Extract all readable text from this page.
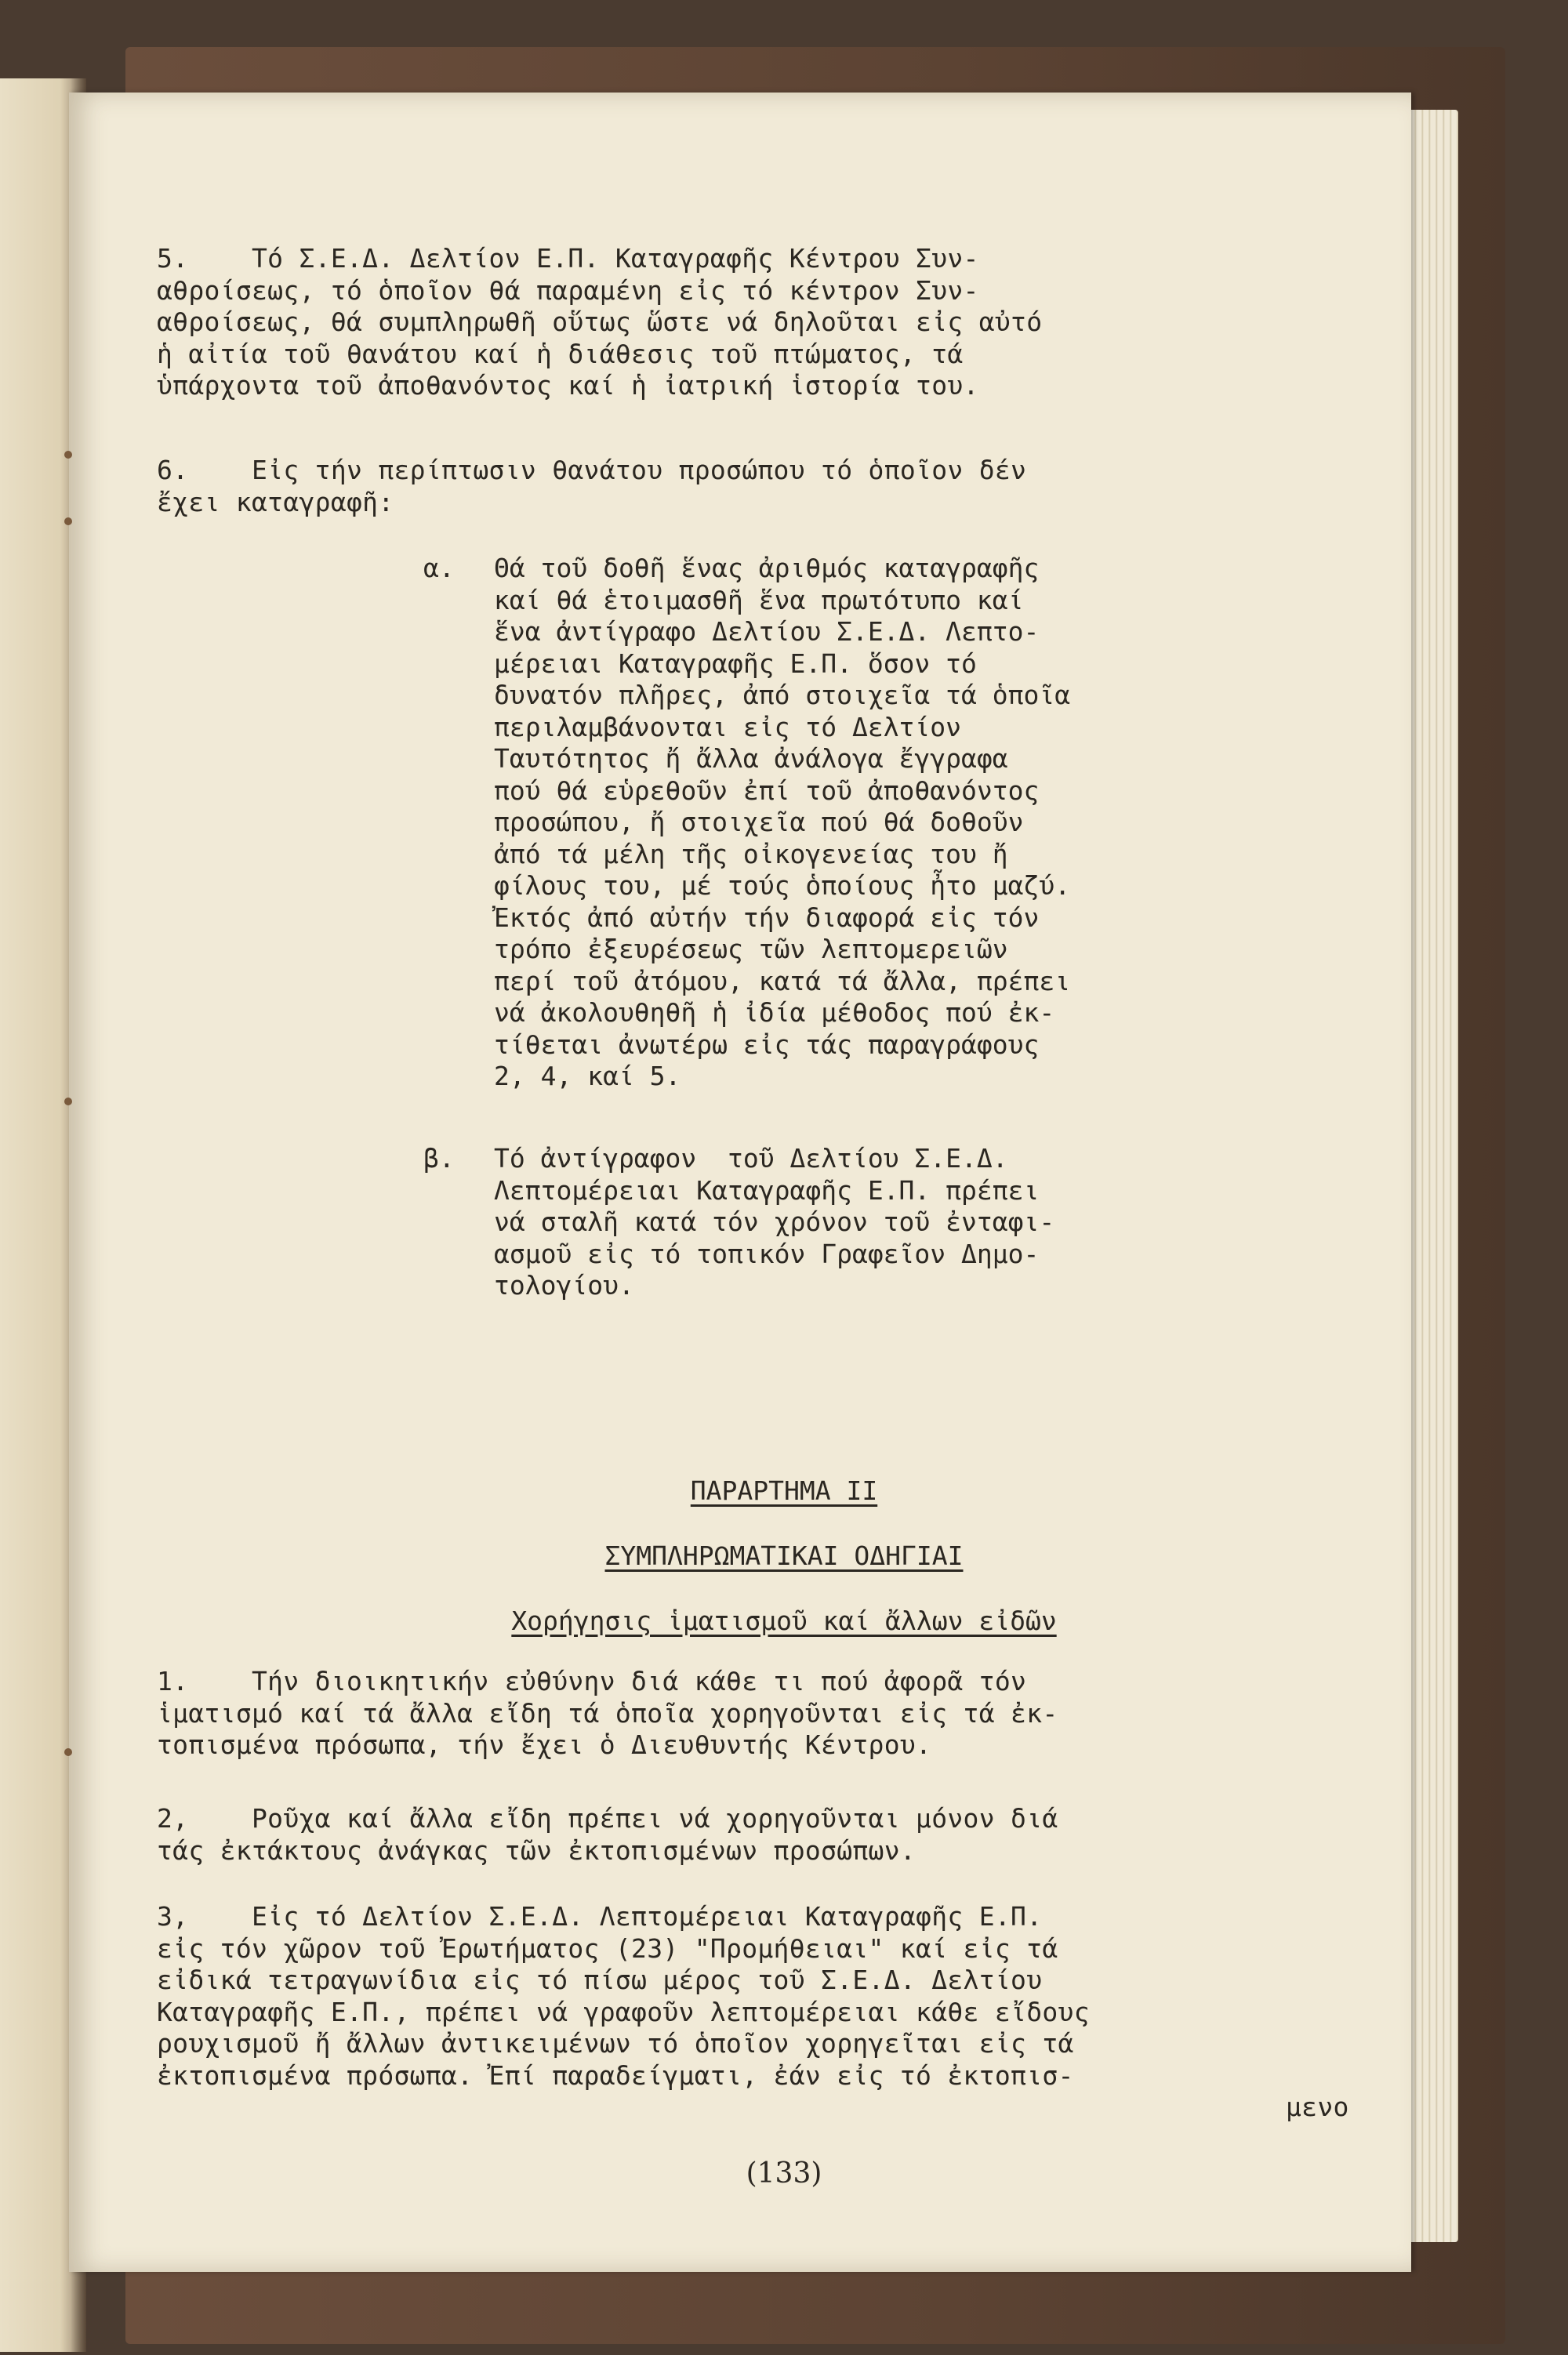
5.    Τό Σ.Ε.Δ. Δελτίον Ε.Π. Καταγραφῆς Κέντρου Συν-
αθροίσεως, τό ὁποῖον θά παραμένη εἰς τό κέντρον Συν-
αθροίσεως, θά συμπληρωθῆ οὕτως ὥστε νά δηλοῦται εἰς αὐτό
ἡ αἰτία τοῦ θανάτου καί ἡ διάθεσις τοῦ πτώματος, τά
ὑπάρχοντα τοῦ ἀποθανόντος καί ἡ ἰατρική ἱστορία του.
6.    Εἰς τήν περίπτωσιν θανάτου προσώπου τό ὁποῖον δέν
ἔχει καταγραφῆ:
α. Θά τοῦ δοθῆ ἕνας ἀριθμός καταγραφῆς
καί θά ἑτοιμασθῆ ἕνα πρωτότυπο καί
ἕνα ἀντίγραφο Δελτίου Σ.Ε.Δ. Λεπτο-
μέρειαι Καταγραφῆς Ε.Π. ὅσον τό
δυνατόν πλῆρες, ἀπό στοιχεῖα τά ὁποῖα
περιλαμβάνονται εἰς τό Δελτίον
Ταυτότητος ἤ ἄλλα ἀνάλογα ἔγγραφα
πού θά εὑρεθοῦν ἐπί τοῦ ἀποθανόντος
προσώπου, ἤ στοιχεῖα πού θά δοθοῦν
ἀπό τά μέλη τῆς οἰκογενείας του ἤ
φίλους του, μέ τούς ὁποίους ἦτο μαζύ.
Ἐκτός ἀπό αὐτήν τήν διαφορά εἰς τόν
τρόπο ἐξευρέσεως τῶν λεπτομερειῶν
περί τοῦ ἀτόμου, κατά τά ἄλλα, πρέπει
νά ἀκολουθηθῆ ἡ ἰδία μέθοδος πού ἐκ-
τίθεται ἀνωτέρω εἰς τάς παραγράφους
2, 4, καί 5.
β. Τό ἀντίγραφον  τοῦ Δελτίου Σ.Ε.Δ.
Λεπτομέρειαι Καταγραφῆς Ε.Π. πρέπει
νά σταλῆ κατά τόν χρόνον τοῦ ἐνταφι-
ασμοῦ εἰς τό τοπικόν Γραφεῖον Δημο-
τολογίου.
ΠΑΡΑΡΤΗΜΑ ΙΙ
ΣΥΜΠΛΗΡΩΜΑΤΙΚΑΙ ΟΔΗΓΙΑΙ
Χορήγησις ἱματισμοῦ καί ἄλλων εἰδῶν
1.    Τήν διοικητικήν εὐθύνην διά κάθε τι πού ἀφορᾶ τόν
ἱματισμό καί τά ἄλλα εἴδη τά ὁποῖα χορηγοῦνται εἰς τά ἐκ-
τοπισμένα πρόσωπα, τήν ἔχει ὁ Διευθυντής Κέντρου.
2,    Ροῦχα καί ἄλλα εἴδη πρέπει νά χορηγοῦνται μόνον διά
τάς ἐκτάκτους ἀνάγκας τῶν ἐκτοπισμένων προσώπων.
3,    Εἰς τό Δελτίον Σ.Ε.Δ. Λεπτομέρειαι Καταγραφῆς Ε.Π.
εἰς τόν χῶρον τοῦ Ἐρωτήματος (23) "Προμήθειαι" καί εἰς τά
εἰδικά τετραγωνίδια εἰς τό πίσω μέρος τοῦ Σ.Ε.Δ. Δελτίου
Καταγραφῆς Ε.Π., πρέπει νά γραφοῦν λεπτομέρειαι κάθε εἴδους
ρουχισμοῦ ἤ ἄλλων ἀντικειμένων τό ὁποῖον χορηγεῖται εἰς τά
ἐκτοπισμένα πρόσωπα. Ἐπί παραδείγματι, ἐάν εἰς τό ἐκτοπισ-
μενο
(133)
